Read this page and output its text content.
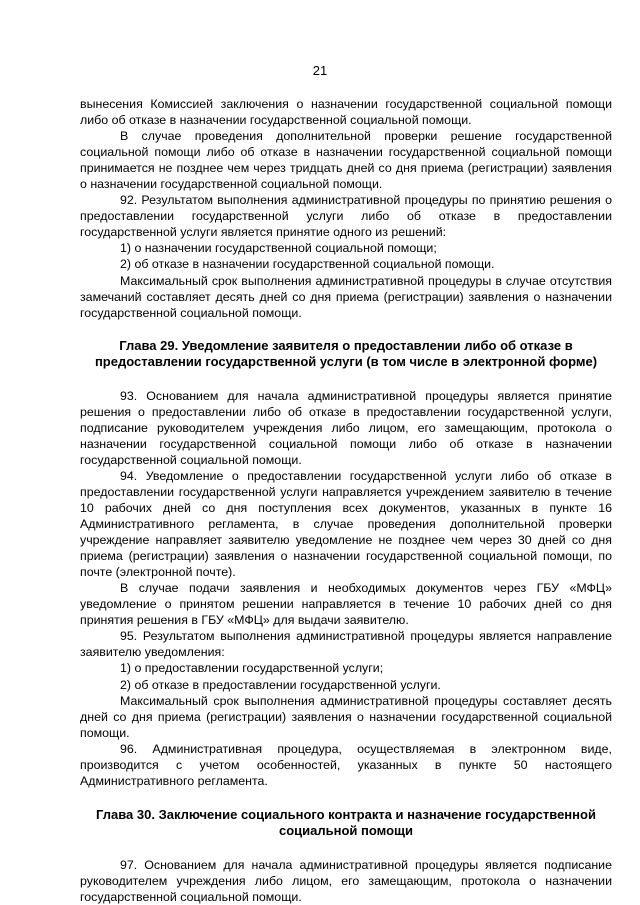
21

вынесения Комиссией заключения о назначении государственной социальной помощи либо об отказе в назначении государственной социальной помощи.

В случае проведения дополнительной проверки решение государственной социальной помощи либо об отказе в назначении государственной социальной помощи принимается не позднее чем через тридцать дней со дня приема (регистрации) заявления о назначении государственной социальной помощи.

92. Результатом выполнения административной процедуры по принятию решения о предоставлении государственной услуги либо об отказе в предоставлении государственной услуги является принятие одного из решений:

1) о назначении государственной социальной помощи;

2) об отказе в назначении государственной социальной помощи.

Максимальный срок выполнения административной процедуры в случае отсутствия замечаний составляет десять дней со дня приема (регистрации) заявления о назначении государственной социальной помощи.

Глава 29. Уведомление заявителя о предоставлении либо об отказе в предоставлении государственной услуги (в том числе в электронной форме)

93. Основанием для начала административной процедуры является принятие решения о предоставлении либо об отказе в предоставлении государственной услуги, подписание руководителем учреждения либо лицом, его замещающим, протокола о назначении государственной социальной помощи либо об отказе в назначении государственной социальной помощи.

94. Уведомление о предоставлении государственной услуги либо об отказе в предоставлении государственной услуги направляется учреждением заявителю в течение 10 рабочих дней со дня поступления всех документов, указанных в пункте 16 Административного регламента, в случае проведения дополнительной проверки учреждение направляет заявителю уведомление не позднее чем через 30 дней со дня приема (регистрации) заявления о назначении государственной социальной помощи, по почте (электронной почте).

В случае подачи заявления и необходимых документов через ГБУ «МФЦ» уведомление о принятом решении направляется в течение 10 рабочих дней со дня принятия решения в ГБУ «МФЦ» для выдачи заявителю.

95. Результатом выполнения административной процедуры является направление заявителю уведомления:

1) о предоставлении государственной услуги;

2) об отказе в предоставлении государственной услуги.

Максимальный срок выполнения административной процедуры составляет десять дней со дня приема (регистрации) заявления о назначении государственной социальной помощи.

96. Административная процедура, осуществляемая в электронном виде, производится с учетом особенностей, указанных в пункте 50 настоящего Административного регламента.

Глава 30. Заключение социального контракта и назначение государственной социальной помощи

97. Основанием для начала административной процедуры является подписание руководителем учреждения либо лицом, его замещающим, протокола о назначении государственной социальной помощи.
